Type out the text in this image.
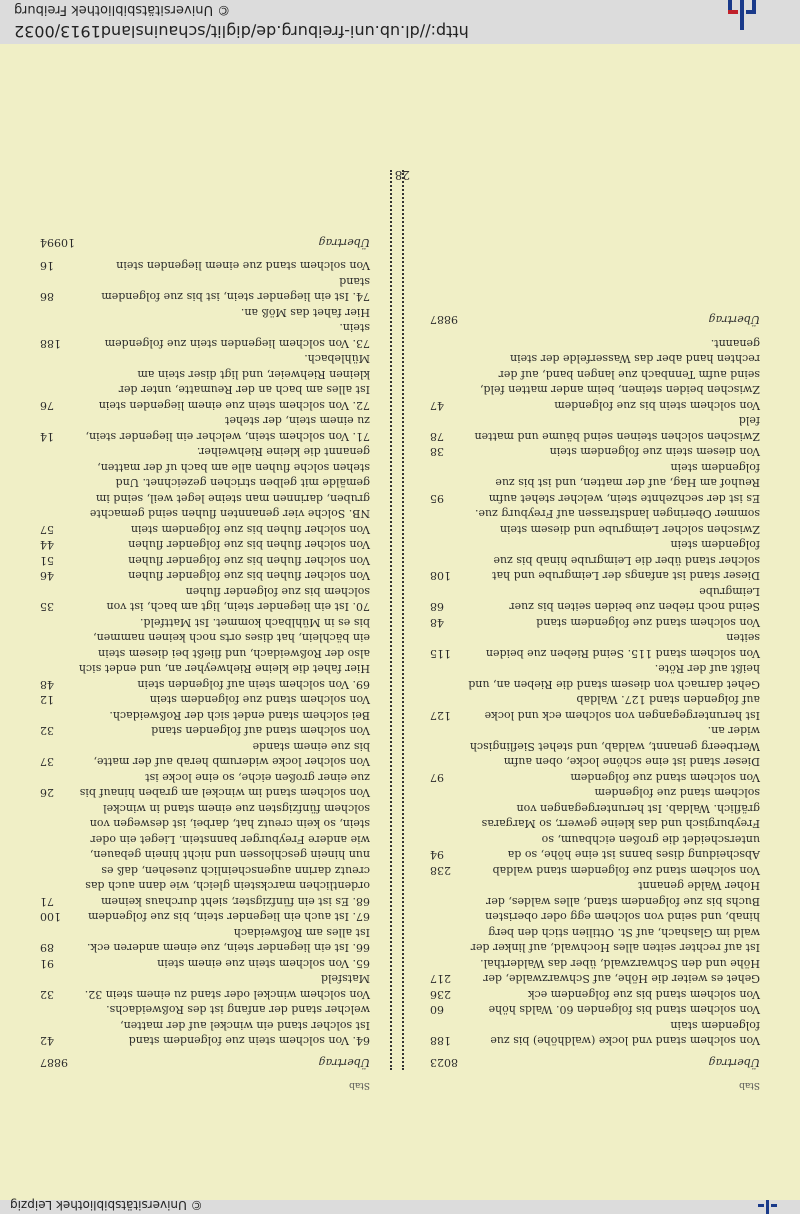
© Universitätsbibliothek Freiburg
http://dl.ub.uni-freiburg.de/diglit/schauinsland1913/0032
Stab
Stab
Übertrag
8023
Von solchem stand vnd locke (waldhöhe) bis zue folgendem stain
188
Von solchem stand bis folgenden 60. Walds höhe
60
Von solchem stand bis zue folgendem eck
236
Gehet es weiter die Höhe, auf Schwarzwalde, der Höhe und den Schwarzwald, über das Walderthal. Ist auf rechter seiten alles Hochwald, auf linker der wald im Glashach, auf St. Ottilien stich den berg hinab, und seind von solchem egg oder oberisten Buchs bis zue folgendem stand, alles waldes, der Hoher Walde genannt
217
Von solchem stand zue folgendem stand waldab
238
Abscheidung dises banns ist eine höhe, so da unterscheidet die großen eichbaum, so Freyburgisch und das kleine gewerr, so Margaras gräflich. Waldab. Ist heruntergegangen von solchem stand zue folgendem
94
Von solchem stand zue folgendem
97
Dieser stand ist eine schöne locke, oben aufm Wertbeerg genannt, waldab, und stehet Sieflingisch wider an.
Ist heruntergegangen von solchem eck und locke auf folgenden stand 127. Waldab
127
Gehet darnach von diesem stand die Rieben an, und heißt auf der Röte.
Von solchem stand 115. Seind Rieben zue beiden seiten
115
Von solchem stand zue folgendem stand
48
Seind noch rieben zue beiden seiten bis zuer Leimgrube
68
Dieser stand ist anfangs der Leimgrube und hat solcher stand über die Leimgrube hinab bis zue folgendem stein
108
Zwischen solcher Leimgrube und diesem stein sommer Oberingen landstrassen auf Freyburg zue.
Es ist der sechzehnte stein, welcher stehet aufm Reuhof am Hag, auf der matten, und ist bis zue folgendem stein
95
Von diesem stein zue folgendem stein
38
Zwischen solchen steinen seind bäume und matten feld
78
Von solchem stein bis zue folgendem
47
Zwischen beiden steinen, beim ander matten feld, seind aufm Tennbach zue langen band, auf der rechten hand aber das Wasserfelde der stein genannt.
Übertrag
9887
Übertrag
9887
64. Von solchem stein zue folgendem stand
42
Ist solcher stand ein winckel auf der matten, welcher stand der anfang ist des Roßweidachs.
Von solchem winckel oder stand zu einem stein 32. Matsfeld
32
65. Von solchem stein zue einem stein
91
66. Ist ein liegender stein, zue einem anderen eck. Ist alles am Roßweidach
89
67. Ist auch ein liegender stein, bis zue folgendem
100
68. Es ist ein fünfzigster, sieht durchaus keinem ordentlichen marckstein gleich, wie dann auch das creutz darinn augenscheinlich zuesehen, daß es nun hinein geschlossen und nicht hinein gebauen, wie andere Freyburger bannstein. Lieget ein oder stein, so kein creutz hat, darbei, ist deswegen von solchem fünfzigsten zue einem stand in winckel
71
Von solchem stand im winckel am graben hinauf bis zue einer großen eiche, so eine locke ist
26
Von solcher locke widerumb herab auf der matte, bis zue einem stande
37
Von solchem stand auf folgenden stand
32
Bei solchem stand endet sich der Roßweidach.
Von solchem stand zue folgendem stein
12
69. Von solchem stein auf folgenden stein
48
Hier fahet die kleine Riehweyher an, und endet sich also der Roßweidach, und fließt bei diesem stein ein bächlein, hat dises orts noch keinen nammen, bis es in Mühlbach kommet. Ist Mattfeld.
70. Ist ein liegender stein, ligt am bach, ist von solchem bis zue folgender fluhen
35
Von solcher fluhen bis zue folgender fluhen
46
Von solcher fluhen bis zue folgender fluhen
51
Von solcher fluhen bis zue folgender fluhen
44
Von solcher fluhen bis zue folgendem stein
57
NB. Solche vier genannten fluhen seind gemachte gruben, darinnen man steine leget weil, seind im gemälde mit gelben strichen gezeichnet. Und stehen solche fluhen alle am bach uf der matten, genannt die kleine Riehweiher.
71. Von solchem stein, welcher ein liegender stein, zu einem stein, der stehet
14
72. Von solchem stein zue einem liegenden stein
76
Ist alles am bach an der Reumatte, unter der kleinen Riehweier, und ligt diser stein am Mühlebach.
73. Von solchem liegenden stein zue folgendem stein.
188
Hier fahet das Möß an.
74. Ist ein liegender stein, ist bis zue folgendem stand
86
Von solchem stand zue einem liegenden stein
16
Übertrag
10994
28
© Universitätsbibliothek Leipzig
